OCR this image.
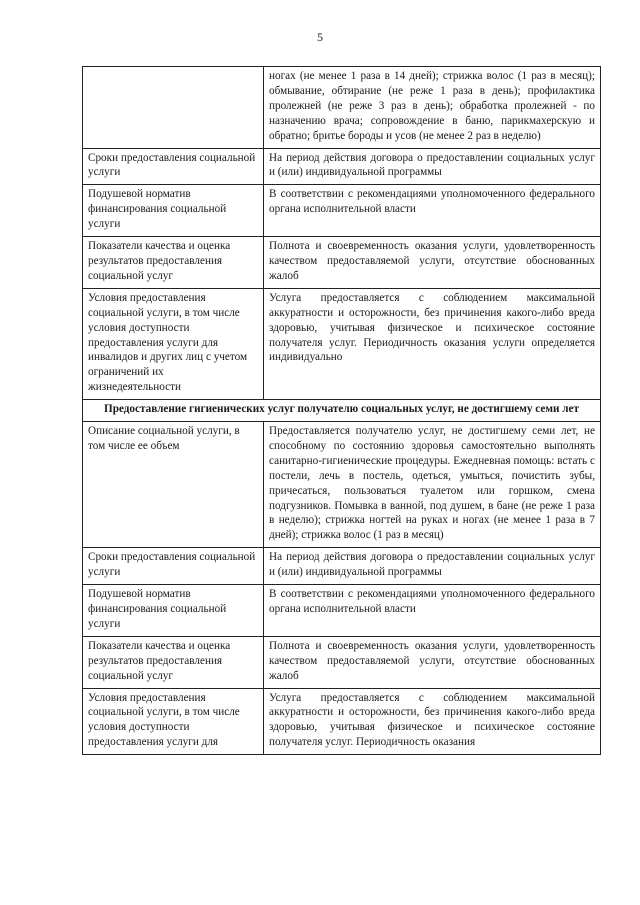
5
	ногах (не менее 1 раза в 14 дней); стрижка волос (1 раз в месяц); обмывание, обтирание (не реже 1 раза в день); профилактика пролежней (не реже 3 раз в день); обработка пролежней - по назначению врача; сопровождение в баню, парикмахерскую и обратно; бритье бороды и усов (не менее 2 раз в неделю)
Сроки предоставления социальной услуги	На период действия договора о предоставлении социальных услуг и (или) индивидуальной программы
Подушевой норматив финансирования социальной услуги	В соответствии с рекомендациями уполномоченного федерального органа исполнительной власти
Показатели качества и оценка результатов предоставления социальной услуг	Полнота и своевременность оказания услуги, удовлетворенность качеством предоставляемой услуги, отсутствие обоснованных жалоб
Условия предоставления социальной услуги, в том числе условия доступности предоставления услуги для инвалидов и других лиц с учетом ограничений их жизнедеятельности	Услуга предоставляется с соблюдением максимальной аккуратности и осторожности, без причинения какого-либо вреда здоровью, учитывая физическое и психическое состояние получателя услуг. Периодичность оказания услуги определяется индивидуально
Предоставление гигиенических услуг получателю социальных услуг, не достигшему семи лет	
Описание социальной услуги, в том числе ее объем	Предоставляется получателю услуг, не достигшему семи лет, не способному по состоянию здоровья самостоятельно выполнять санитарно-гигиенические процедуры. Ежедневная помощь: встать с постели, лечь в постель, одеться, умыться, почистить зубы, причесаться, пользоваться туалетом или горшком, смена подгузников. Помывка в ванной, под душем, в бане (не реже 1 раза в неделю); стрижка ногтей на руках и ногах (не менее 1 раза в 7 дней); стрижка волос (1 раз в месяц)
Сроки предоставления социальной услуги	На период действия договора о предоставлении социальных услуг и (или) индивидуальной программы
Подушевой норматив финансирования социальной услуги	В соответствии с рекомендациями уполномоченного федерального органа исполнительной власти
Показатели качества и оценка результатов предоставления социальной услуг	Полнота и своевременность оказания услуги, удовлетворенность качеством предоставляемой услуги, отсутствие обоснованных жалоб
Условия предоставления социальной услуги, в том числе условия доступности предоставления услуги для	Услуга предоставляется с соблюдением максимальной аккуратности и осторожности, без причинения какого-либо вреда здоровью, учитывая физическое и психическое состояние получателя услуг. Периодичность оказания
